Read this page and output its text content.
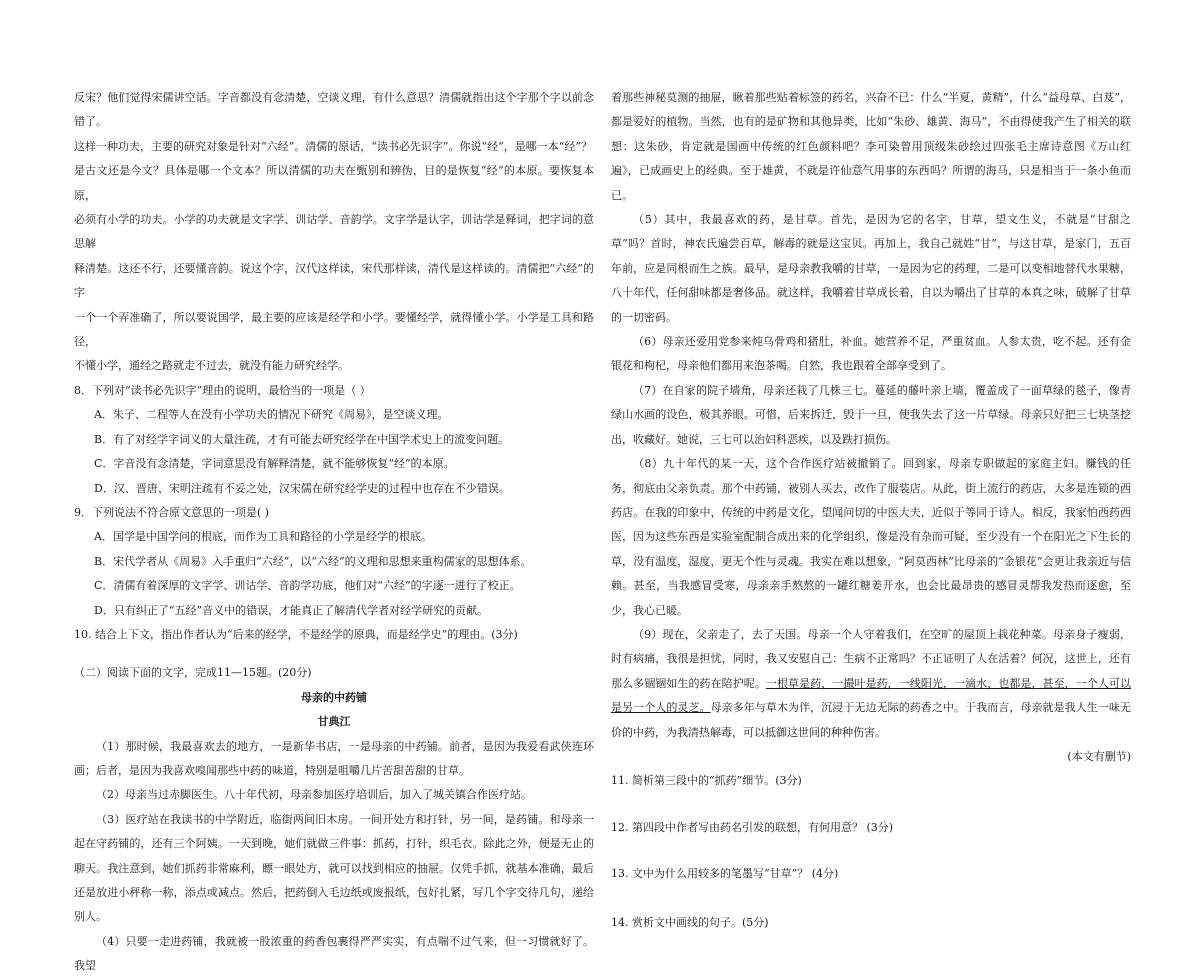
反宋？他们觉得宋儒讲空话。字音都没有念清楚，空谈义理，有什么意思？清儒就指出这个字那个字以前念错了。

这样一种功夫，主要的研究对象是针对“六经”。清儒的原话，“读书必先识字”。你说“经”，是哪一本“经”？

是古文还是今文？具体是哪一个文本？所以清儒的功夫在甄别和辨伪，目的是恢复“经”的本原。要恢复本原，

必须有小学的功夫。小学的功夫就是文字学、训诂学、音韵学。文字学是认字，训诂学是释词，把字词的意思解

释清楚。这还不行，还要懂音韵。说这个字，汉代这样读，宋代那样读，清代是这样读的。清儒把“六经”的字

一个一个弄准确了，所以要说国学，最主要的应该是经学和小学。要懂经学，就得懂小学。小学是工具和路径，

不懂小学，通经之路就走不过去，就没有能力研究经学。

8．下列对“读书必先识字”理由的说明，最恰当的一项是（ ）

A．朱子、二程等人在没有小学功夫的情况下研究《周易》，是空谈义理。

B．有了对经学字词义的大量注疏，才有可能去研究经学在中国学术史上的流变问题。

C．字音没有念清楚，字词意思没有解释清楚，就不能够恢复“经”的本原。

D．汉、晋唐、宋明注疏有不妥之处，汉宋儒在研究经学史的过程中也存在不少错误。

9．下列说法不符合原文意思的一项是( )

A．国学是中国学问的根底，而作为工具和路径的小学是经学的根底。

B．宋代学者从《周易》入手重归“六经”，以“六经”的义理和思想来重构儒家的思想体系。

C．清儒有着深厚的文字学、训诂学、音韵学功底，他们对“六经”的字逐一进行了校正。

D．只有纠正了“五经”音义中的错误，才能真正了解清代学者对经学研究的贡献。

10. 结合上下文，指出作者认为“后来的经学，不是经学的原典，而是经学史”的理由。(3分)

（二）阅读下面的文字，完成11—15题。(20分)

母亲的中药铺

甘典江

（1）那时候，我最喜欢去的地方，一是新华书店，一是母亲的中药铺。前者，是因为我爱看武侠连环画；后者，是因为我喜欢嗅闻那些中药的味道，特别是咀嚼几片苦甜苦甜的甘草。

（2）母亲当过赤脚医生。八十年代初，母亲参加医疗培训后，加入了城关镇合作医疗站。

（3）医疗站在我读书的中学附近，临街两间旧木房。一间开处方和打针，另一间，是药铺。和母亲一起在守药铺的，还有三个阿姨。一天到晚，她们就做三件事：抓药，打针，织毛衣。除此之外，便是无止的聊天。我注意到，她们抓药非常麻利，瞟一眼处方，就可以找到相应的抽屉。仅凭手抓，就基本准确，最后还是放进小秤称一称，添点或减点。然后，把药倒入毛边纸或废报纸，包好扎紧，写几个字交待几句，递给别人。

（4）只要一走进药铺，我就被一股浓重的药香包裹得严严实实，有点喘不过气来，但一习惯就好了。我望

着那些神秘莫测的抽屉，瞅着那些贴着标签的药名，兴奋不已：什么“半夏，黄精”，什么“益母草、白芨”，都是爱好的植物。当然，也有的是矿物和其他异类，比如“朱砂、雄黄、海马”，不由得使我产生了相关的联想：这朱砂，肯定就是国画中传统的红色颜料吧？李可染曾用顶级朱砂绘过四张毛主席诗意图《万山红遍》，已成画史上的经典。至于雄黄，不就是许仙意气用事的东西吗？所谓的海马，只是相当于一条小鱼而已。

（5）其中，我最喜欢的药，是甘草。首先，是因为它的名字，甘草，望文生义，不就是“甘甜之草”吗？首时，神农氏遍尝百草，解毒的就是这宝贝。再加上，我自己就姓“甘”，与这甘草，是家门，五百年前，应是同根而生之族。最早，是母亲教我嚼的甘草，一是因为它的药理，二是可以变相地替代水果糖，八十年代，任何甜味都是奢侈品。就这样，我嚼着甘草成长着，自以为嚼出了甘草的本真之味，破解了甘草的一切密码。

（6）母亲还爱用党参来炖乌骨鸡和猪肚，补血。她营养不足，严重贫血。人参太贵，吃不起。还有金银花和枸杞，母亲他们都用来泡茶喝。自然，我也跟着全部享受到了。

（7）在自家的院子墙角，母亲还栽了几株三七。蔓延的藤叶亲上墙，覆盖成了一面草绿的毯子，像青绿山水画的设色，极其养眼。可惜，后来拆迁，毁于一旦，使我失去了这一片草绿。母亲只好把三七块茎挖出，收藏好。她说，三七可以治妇科恶疾，以及跌打损伤。

（8）九十年代的某一天，这个合作医疗站被撤销了。回到家，母亲专职做起的家庭主妇。赚钱的任务，彻底由父亲负责。那个中药铺，被别人买去，改作了服装店。从此，街上流行的药店，大多是连锁的西药店。在我的印象中，传统的中药是文化，望闻问切的中医大夫，近似于等同于诗人。相反，我家怕西药西医，因为这些东西是实验室配制合成出来的化学组织，像是没有杂而可疑，至少没有一个在阳光之下生长的草，没有温度，湿度，更无个性与灵魂。我实在难以想象，“阿莫西林”比母亲的“金银花”会更让我亲近与信赖。甚至，当我感冒受寒，母亲亲手熬熬的一罐红糖姜开水，也会比最昂贵的感冒灵帮我发热而逐愈，至少，我心已暖。

（9）现在，父亲走了，去了天国。母亲一个人守着我们，在空旷的屋顶上栽花种菜。母亲身子瘦弱，时有病痛，我很是担忧，同时，我又安慰自己：生病不正常吗？不正证明了人在活着？何况，这世上，还有那么多锢锢如生的药在陪护呢。一根草是药，一撮叶是药，一线阳光，一滴水，也都是，甚至，一个人可以是另一个人的灵芝。母亲多年与草木为伴，沉浸于无边无际的药香之中。于我而言，母亲就是我人生一味无价的中药，为我清热解毒，可以抵御这世间的种种伤害。

(本文有删节)

11. 简析第三段中的“抓药”细节。(3分)

12. 第四段中作者写由药名引发的联想，有何用意？ (3分)

13. 文中为什么用较多的笔墨写“甘草”？ (4分)

14. 赏析文中画线的句子。(5分)
